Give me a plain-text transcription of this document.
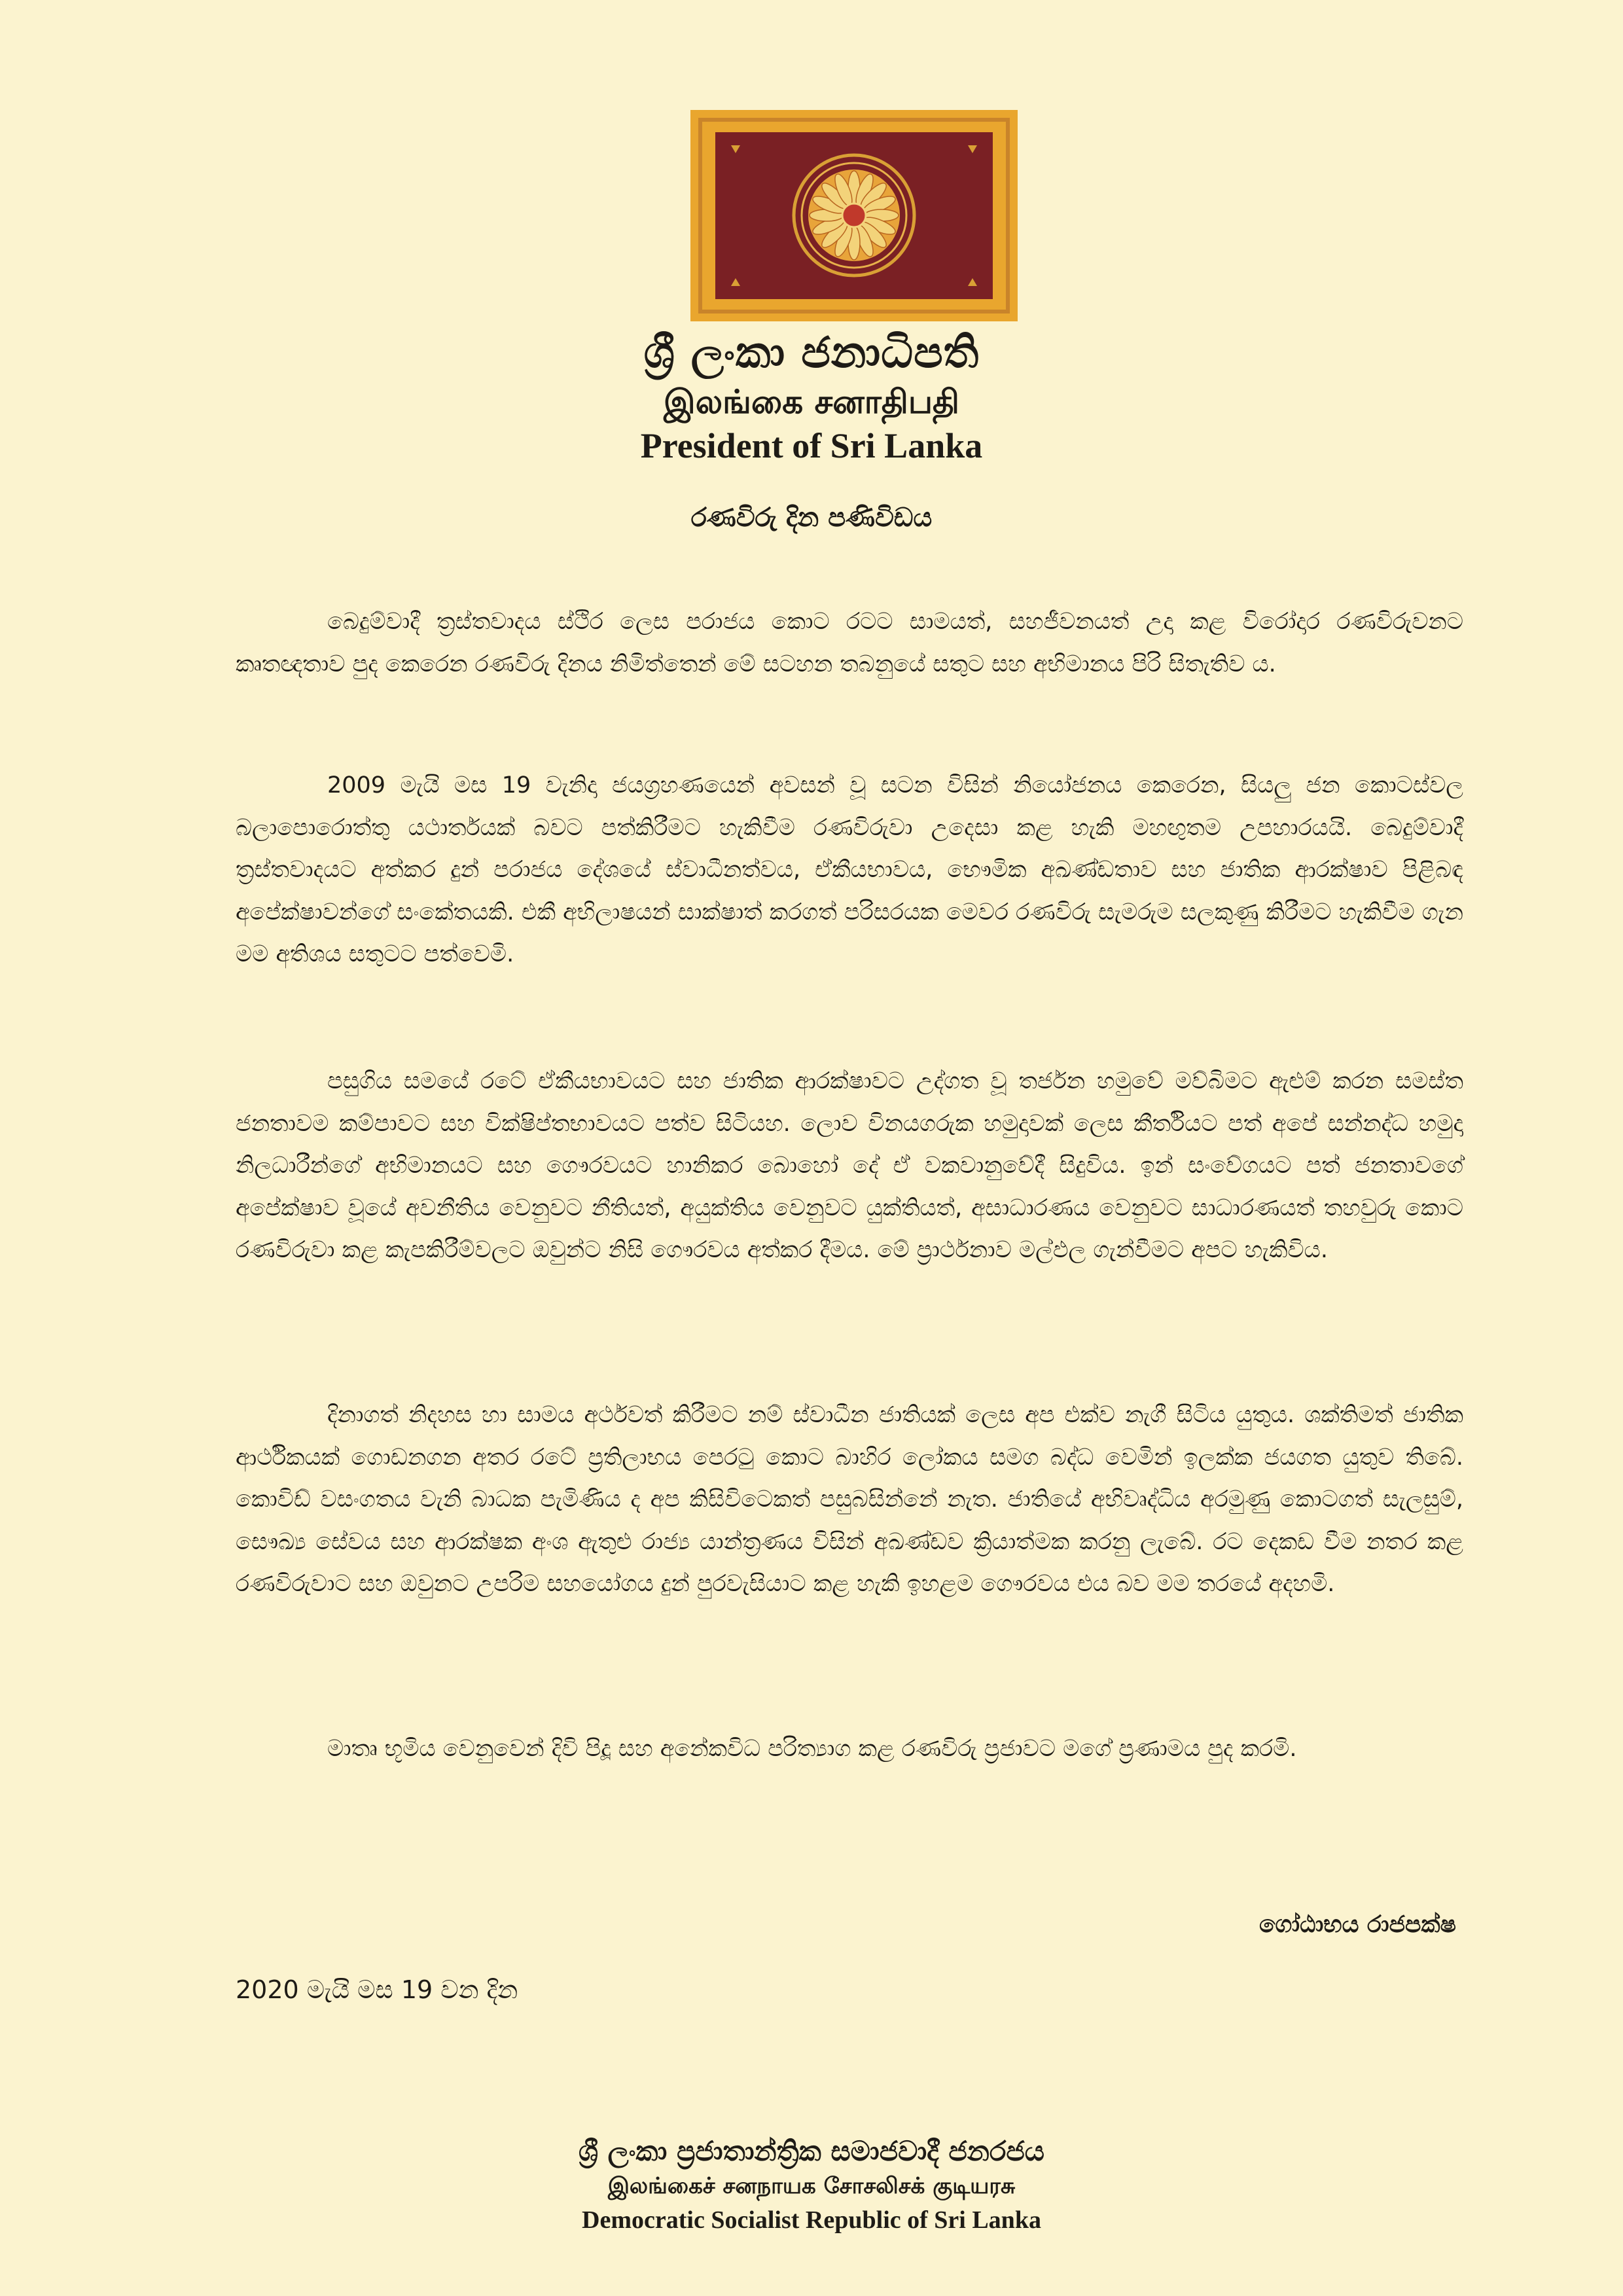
ශ්‍රී ලංකා ජනාධිපති
இலங்கை சனாதிபதி
President of Sri Lanka
රණවිරු දින පණිවිඩය
බෙදුම්වාදී ත්‍රස්තවාදය ස්ථිර ලෙස පරාජය කොට රටට සාමයත්, සහජීවනයත් උදා කළ විරෝදාර රණවිරුවනට කෘතඥතාව පුද කෙරෙන රණවිරු දිනය නිමිත්තෙන් මේ සටහන තබනුයේ සතුට සහ අභිමානය පිරි සිතැතිව ය.
2009 මැයි මස 19 වැනිදා ජයග්‍රහණයෙන් අවසන් වූ සටන විසින් නියෝජනය කෙරෙන, සියලු ජන කොටස්වල බලාපොරොත්තු යථාර්තයක් බවට පත්කිරීමට හැකිවීම රණවිරුවා උදෙසා කළ හැකි මහඟුතම උපහාරයයි. බෙදුම්වාදී ත්‍රස්තවාදයට අත්කර දුන් පරාජය දේශයේ ස්වාධීනත්වය, ඒකීයභාවය, භෞමික අඛණ්ඩතාව සහ ජාතික ආරක්ෂාව පිළිබඳ අපේක්ෂාවන්ගේ සංකේතයකි. එකී අභිලාෂයන් සාක්ෂාත් කරගත් පරිසරයක මෙවර රණවිරු සැමරුම සලකුණු කිරීමට හැකිවීම ගැන මම අතිශය සතුටට පත්වෙමි.
පසුගිය සමයේ රටේ ඒකීයභාවයට සහ ජාතික ආරක්ෂාවට උද්ගත වූ තර්ජන හමුවේ මව්බිමට ඇළුම් කරන සමස්ත ජනතාවම කම්පාවට සහ වික්ෂිප්තභාවයට පත්ව සිටියහ. ලොව විනයගරුක හමුදාවක් ලෙස කීර්තියට පත් අපේ සන්නද්ධ හමුදා නිලධාරීන්ගේ අභිමානයට සහ ගෞරවයට හානිකර බොහෝ දේ ඒ වකවානුවේදී සිදුවිය. ඉන් සංවේගයට පත් ජනතාවගේ අපේක්ෂාව වූයේ අවනීතිය වෙනුවට නීතියත්, අයුක්තිය වෙනුවට යුක්තියත්, අසාධාරණය වෙනුවට සාධාරණයත් තහවුරු කොට රණවිරුවා කළ කැපකිරීම්වලට ඔවුන්ට නිසි ගෞරවය අත්කර දීමය. මේ ප්‍රාර්ථනාව මල්ඵල ගැන්වීමට අපට හැකිවිය.
දිනාගත් නිදහස හා සාමය අර්ථවත් කිරීමට නම් ස්වාධීන ජාතියක් ලෙස අප එක්ව නැගී සිටිය යුතුය. ශක්තිමත් ජාතික ආර්ථිකයක් ගොඩනගන අතර රටේ ප්‍රතිලාභය පෙරටු කොට බාහිර ලෝකය සමග බද්ධ වෙමින් ඉලක්ක ජයගත යුතුව තිබේ. කොවිඩ් වසංගතය වැනි බාධක පැමිණිය ද අප කිසිවිටෙකත් පසුබසින්නේ නැත. ජාතියේ අභිවෘද්ධිය අරමුණු කොටගත් සැලසුම්, සෞඛ්‍ය සේවය සහ ආරක්ෂක අංශ ඇතුළු රාජ්‍ය යාන්ත්‍රණය විසින් අඛණ්ඩව ක්‍රියාත්මක කරනු ලැබේ. රට දෙකඩ වීම නතර කළ රණවිරුවාට සහ ඔවුනට උපරිම සහයෝගය දුන් පුරවැසියාට කළ හැකි ඉහළම ගෞරවය එය බව මම තරයේ අදහමි.
මාතෘ භූමිය වෙනුවෙන් දිවි පිදූ සහ අනේකවිධ පරිත්‍යාග කළ රණවිරු ප්‍රජාවට මගේ ප්‍රණාමය පුද කරමි.
ගෝඨාභය රාජපක්ෂ
2020 මැයි මස 19 වන දින
ශ්‍රී ලංකා ප්‍රජාතාන්ත්‍රික සමාජවාදී ජනරජය
இலங்கைச் சனநாயக சோசலிசக் குடியரசு
Democratic Socialist Republic of Sri Lanka
